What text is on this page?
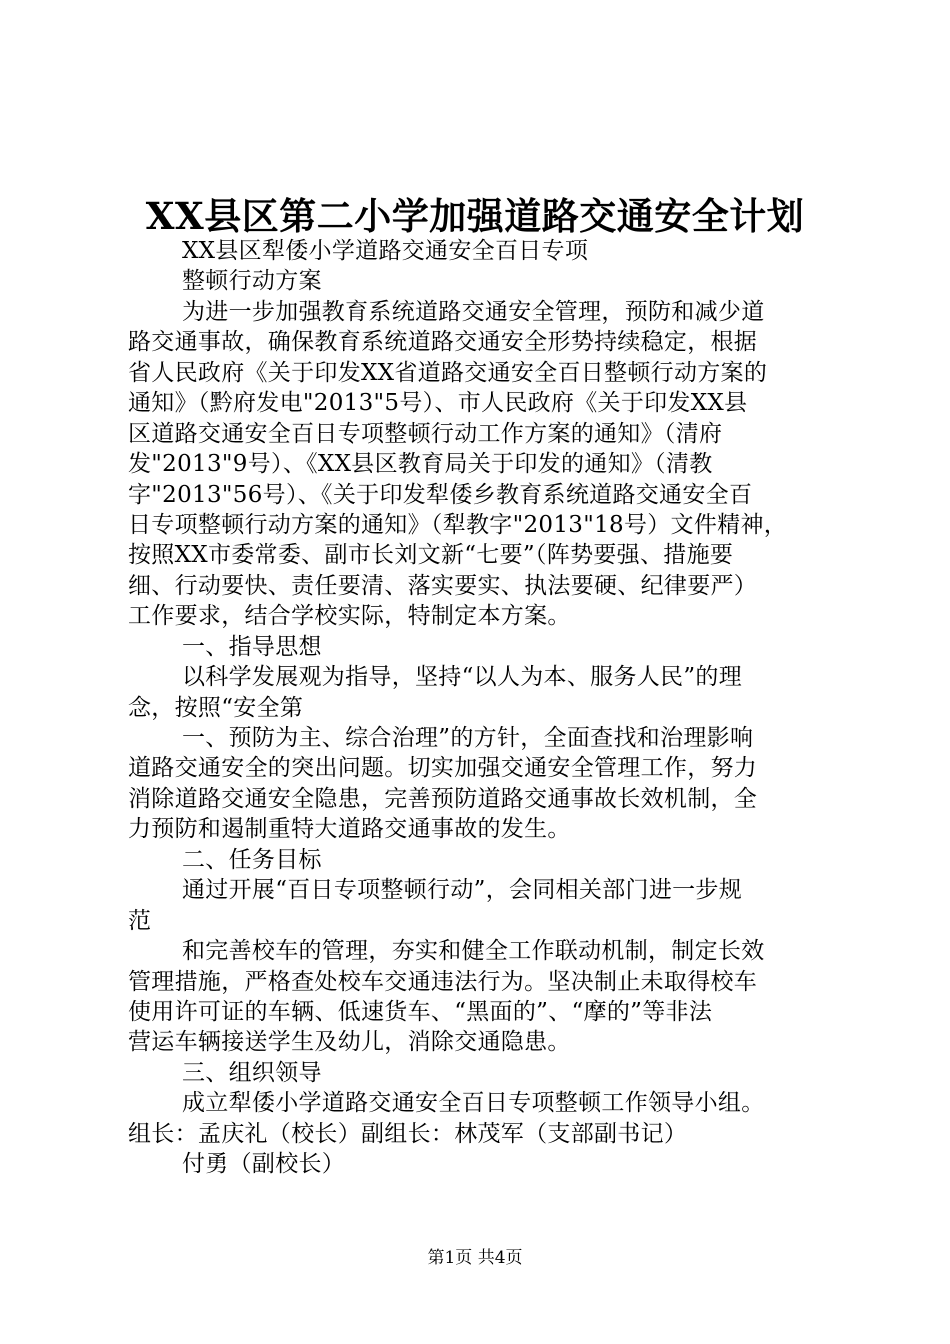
XX县区第二小学加强道路交通安全计划
XX县区犁倭小学道路交通安全百日专项
整顿行动方案
为进一步加强教育系统道路交通安全管理，预防和减少道
路交通事故，确保教育系统道路交通安全形势持续稳定，根据
省人民政府《关于印发XX省道路交通安全百日整顿行动方案的
通知》（黔府发电"2013"5号）、市人民政府《关于印发XX县
区道路交通安全百日专项整顿行动工作方案的通知》（清府
发"2013"9号）、《XX县区教育局关于印发的通知》（清教
字"2013"56号）、《关于印发犁倭乡教育系统道路交通安全百
日专项整顿行动方案的通知》（犁教字"2013"18号）文件精神，
按照XX市委常委、副市长刘文新“七要”（阵势要强、措施要
细、行动要快、责任要清、落实要实、执法要硬、纪律要严）
工作要求，结合学校实际，特制定本方案。
一、指导思想
以科学发展观为指导，坚持“以人为本、服务人民”的理
念，按照“安全第
一、预防为主、综合治理”的方针，全面查找和治理影响
道路交通安全的突出问题。切实加强交通安全管理工作，努力
消除道路交通安全隐患，完善预防道路交通事故长效机制，全
力预防和遏制重特大道路交通事故的发生。
二、任务目标
通过开展“百日专项整顿行动”，会同相关部门进一步规
范
和完善校车的管理，夯实和健全工作联动机制，制定长效
管理措施，严格查处校车交通违法行为。坚决制止未取得校车
使用许可证的车辆、低速货车、“黑面的”、“摩的”等非法
营运车辆接送学生及幼儿，消除交通隐患。
三、组织领导
成立犁倭小学道路交通安全百日专项整顿工作领导小组。
组长：孟庆礼（校长）副组长：林茂军（支部副书记）
付勇（副校长）
第1页 共4页
